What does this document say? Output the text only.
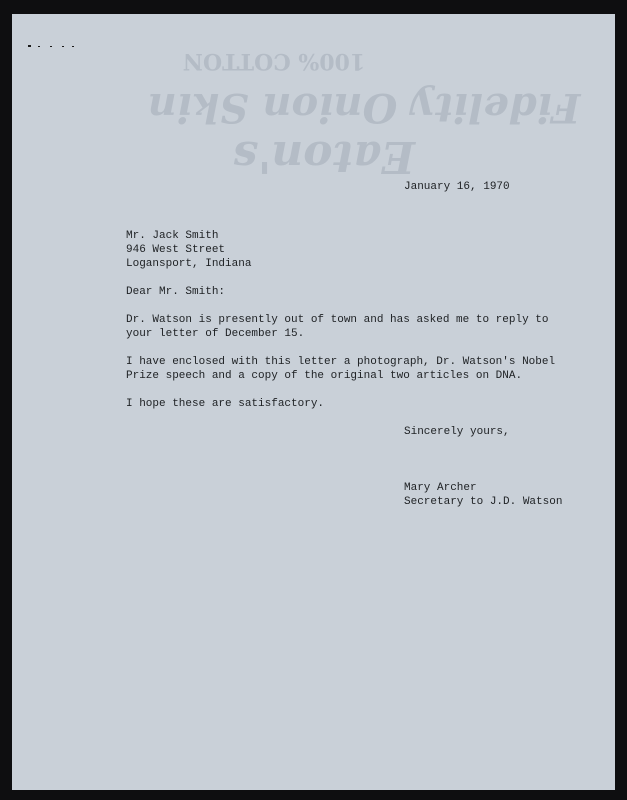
100% COTTON
Fidelity Onion Skin
Eaton's
January 16, 1970
Mr. Jack Smith
946 West Street
Logansport, Indiana
Dear Mr. Smith:
Dr. Watson is presently out of town and has asked me to reply to
your letter of December 15.
I have enclosed with this letter a photograph, Dr. Watson's Nobel
Prize speech and a copy of the original two articles on DNA.
I hope these are satisfactory.
Sincerely yours,
Mary Archer
Secretary to J.D. Watson
